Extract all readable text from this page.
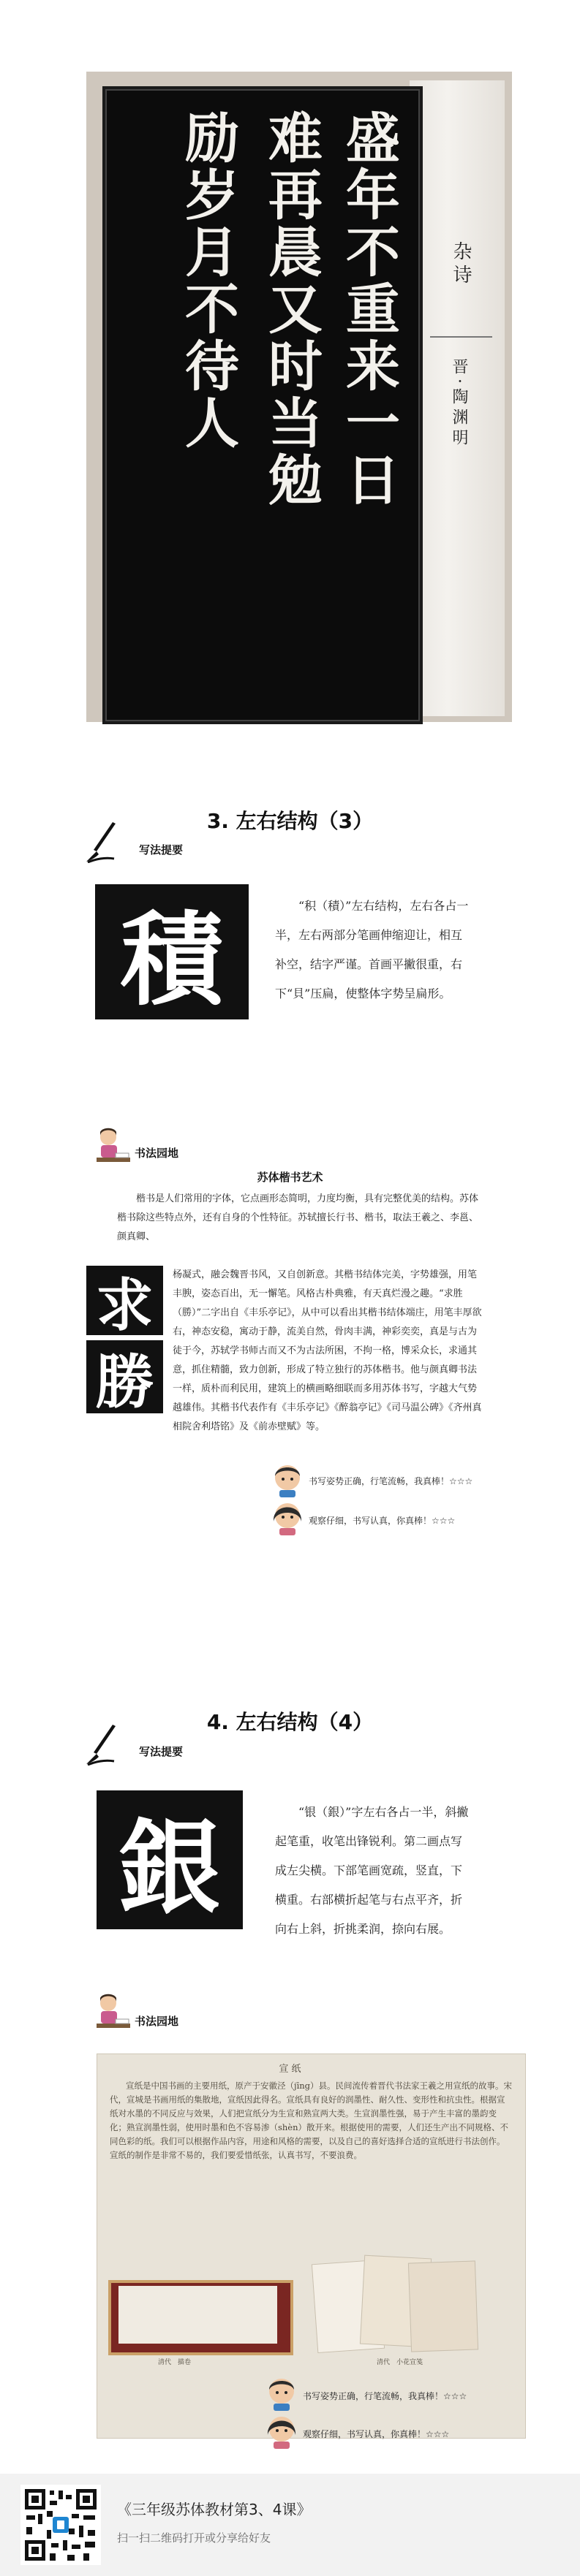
盛年不重来一日
难再晨又时当勉
励岁月不待人	杂诗
晋·陶渊明
3. 左右结构（3）
写法提要
積	“积（積）”左右结构，左右各占一半，左右两部分笔画伸缩迎让，相互补空，结字严谨。首画平撇很重，右下“貝”压扁，使整体字势呈扁形。
书法园地
苏体楷书艺术
楷书是人们常用的字体，它点画形态简明，力度均衡，具有完整优美的结构。苏体楷书除这些特点外，还有自身的个性特征。苏轼擅长行书、楷书，取法王羲之、李邕、颜真卿、
求
勝
杨凝式，融会魏晋书风，又自创新意。其楷书结体完美，字势雄强，用笔丰腴，姿态百出，无一懈笔。风格古朴典雅，有天真烂漫之趣。“求胜（勝）”二字出自《丰乐亭记》，从中可以看出其楷书结体端庄，用笔丰厚欲右，神态安稳，寓动于静，流美自然，骨肉丰满，神彩奕奕，真是与古为徒于今，苏轼学书师古而又不为古法所困，不拘一格，博采众长，求通其意，抓住精髓，致力创新，形成了特立独行的苏体楷书。他与颜真卿书法一样，质朴而利民用，建筑上的横画略细联而多用苏体书写，字越大气势越雄伟。其楷书代表作有《丰乐亭记》《醉翁亭记》《司马温公碑》《齐州真相院舍利塔铭》及《前赤壁赋》等。
书写姿势正确，行笔流畅，我真棒！☆☆☆
观察仔细，书写认真，你真棒！☆☆☆
4. 左右结构（4）
写法提要
銀	“银（銀）”字左右各占一半，斜撇起笔重，收笔出锋锐利。第二画点写成左尖横。下部笔画宽疏，竖直，下横重。右部横折起笔与右点平齐，折向右上斜，折挑柔润，捺向右展。
书法园地
宣 纸
宣纸是中国书画的主要用纸，原产于安徽泾（jīng）县。民间流传着晋代书法家王羲之用宣纸的故事。宋代，宣城是书画用纸的集散地，宣纸因此得名。宣纸具有良好的润墨性、耐久性、变形性和抗虫性。根据宣纸对水墨的不同反应与效果，人们把宣纸分为生宣和熟宣两大类。生宣润墨性强，易于产生丰富的墨韵变化；熟宣润墨性弱，使用时墨和色不容易渗（shèn）散开来。根据使用的需要，人们还生产出不同规格、不同色彩的纸。我们可以根据作品内容，用途和风格的需要，以及自己的喜好选择合适的宣纸进行书法创作。宣纸的制作是非常不易的，我们要爱惜纸张，认真书写，不要浪费。
清代　描卷	清代　小花宣笺
书写姿势正确，行笔流畅，我真棒！☆☆☆
观察仔细，书写认真，你真棒！☆☆☆
《三年级苏体教材第3、4课》
扫一扫二维码打开或分享给好友
